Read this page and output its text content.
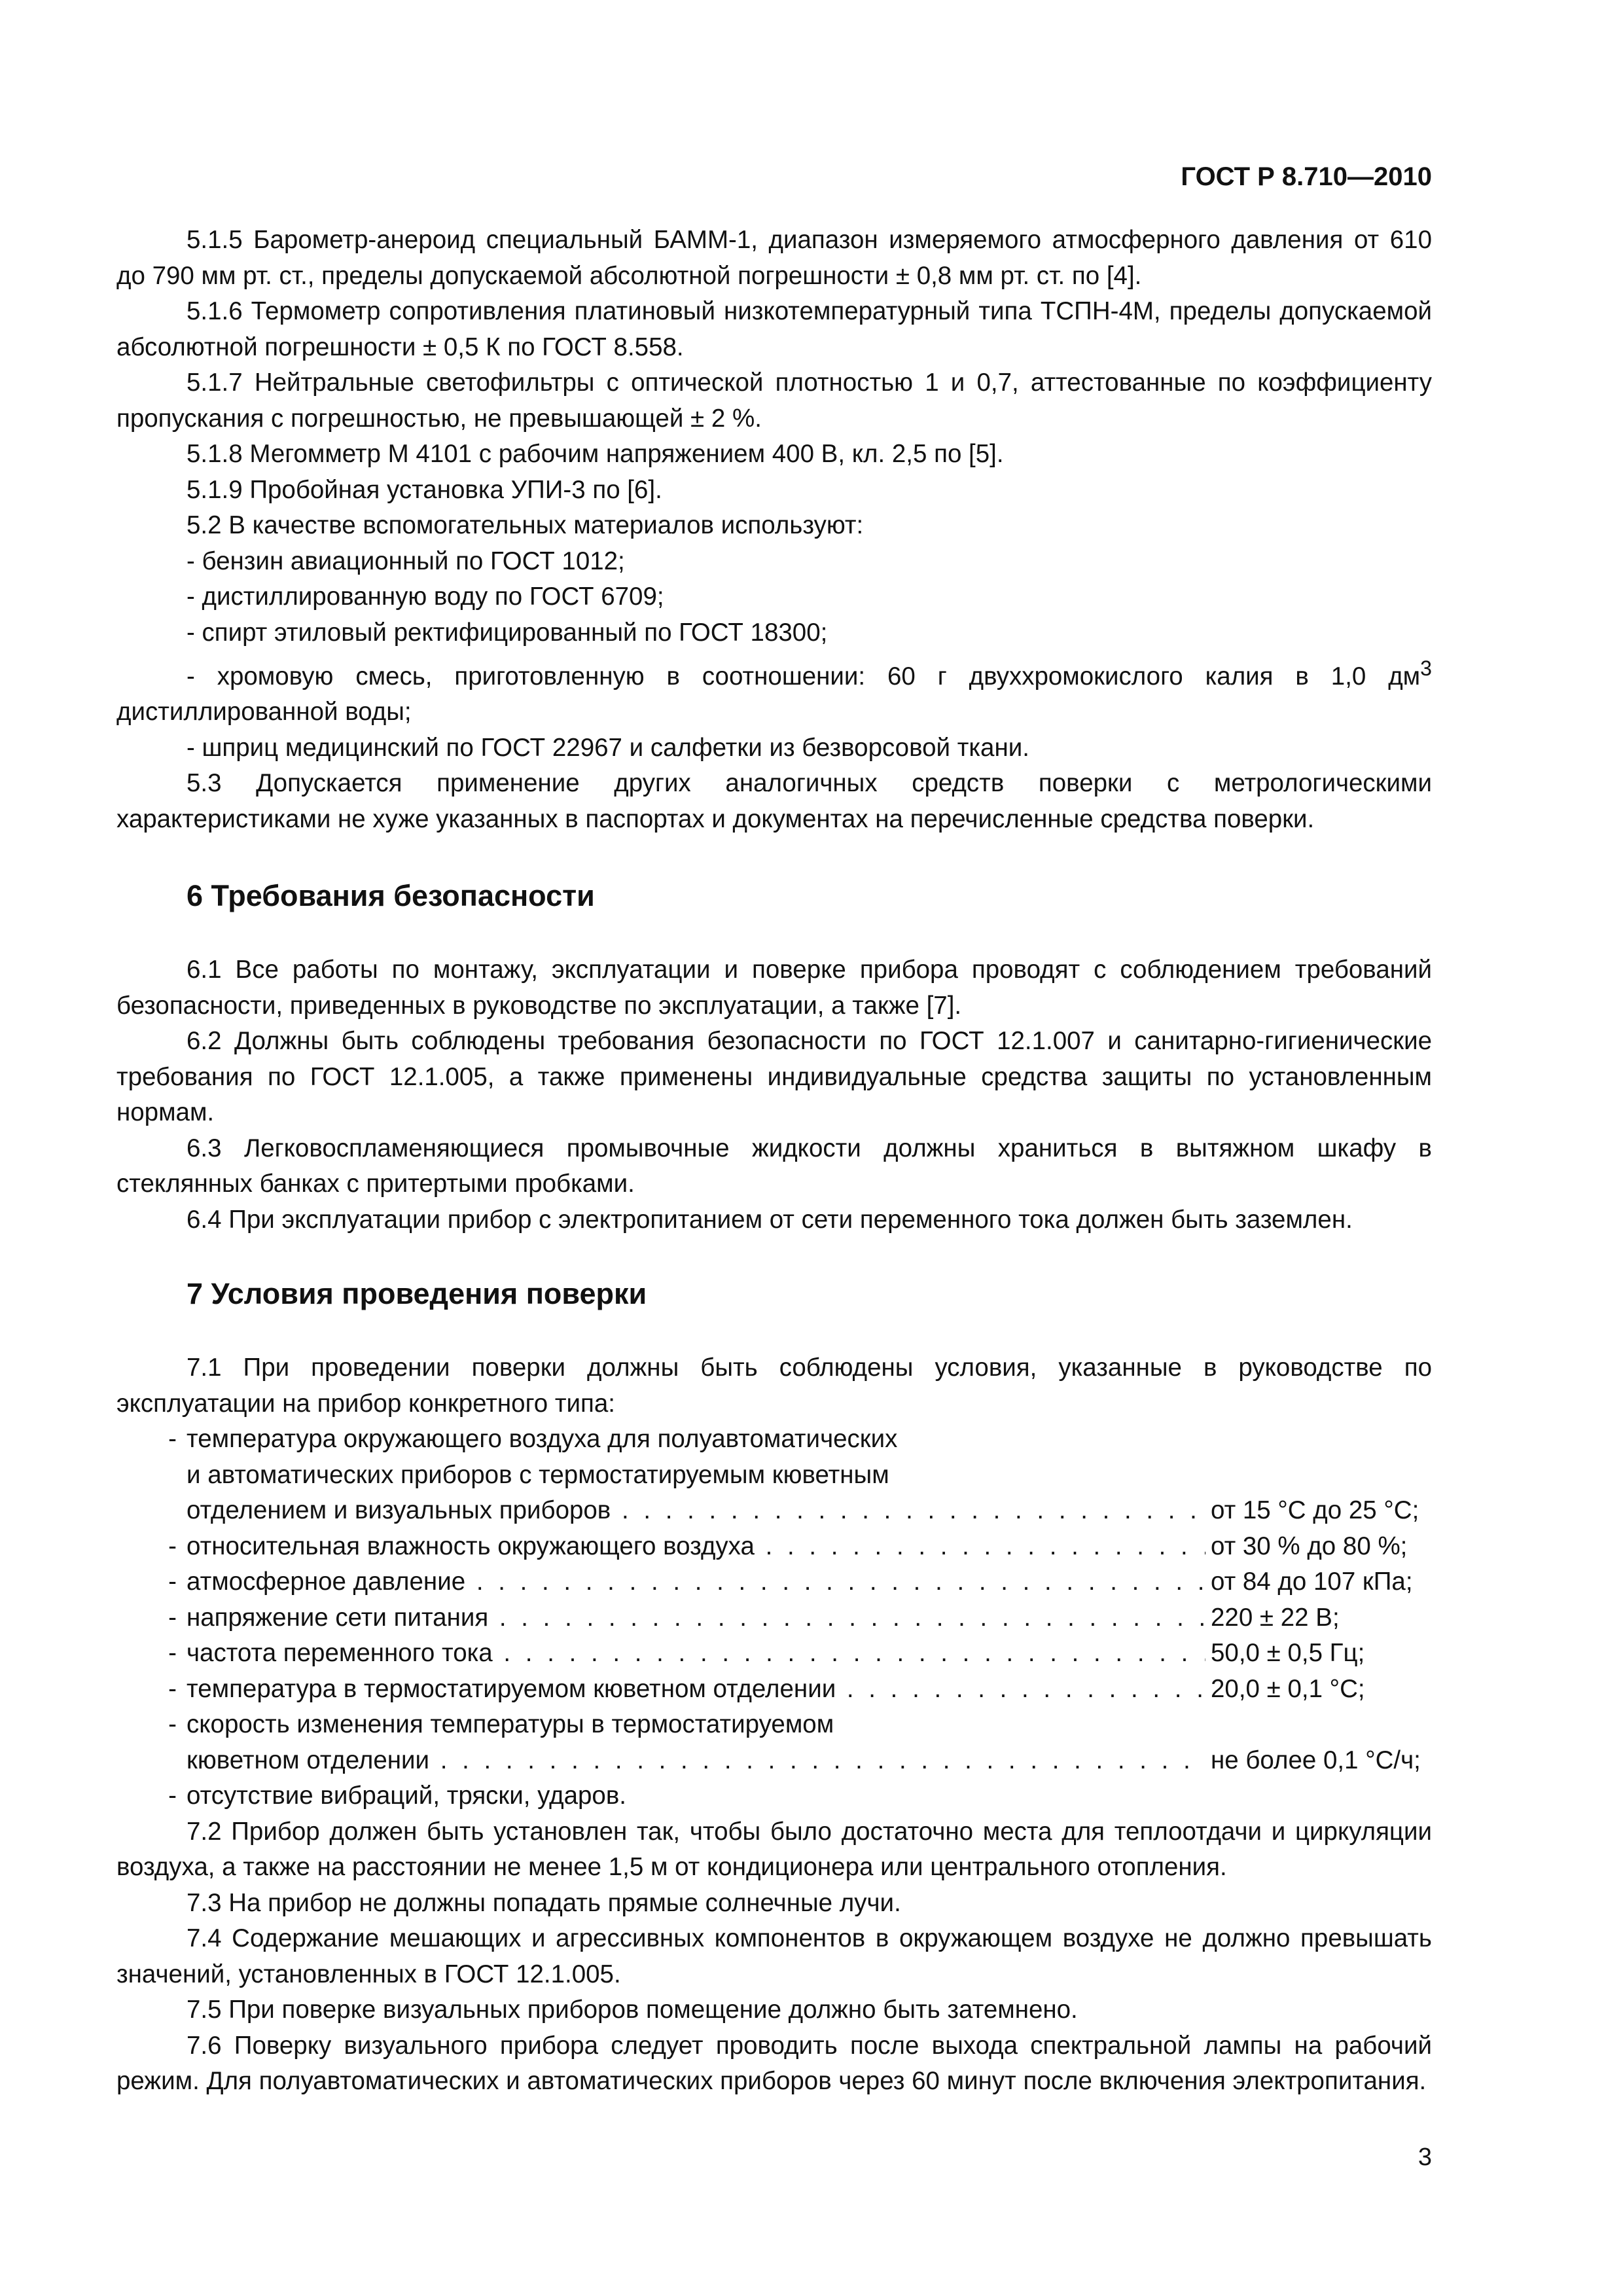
ГОСТ Р 8.710—2010

5.1.5 Барометр-анероид специальный БАММ-1, диапазон измеряемого атмосферного давления от 610 до 790 мм рт. ст., пределы допускаемой абсолютной погрешности ± 0,8 мм рт. ст. по [4].

5.1.6 Термометр сопротивления платиновый низкотемпературный типа ТСПН-4М, пределы допускаемой абсолютной погрешности ± 0,5 К по ГОСТ 8.558.

5.1.7 Нейтральные светофильтры с оптической плотностью 1 и 0,7, аттестованные по коэффициенту пропускания с погрешностью, не превышающей ± 2 %.

5.1.8 Мегомметр М 4101 с рабочим напряжением 400 В, кл. 2,5 по [5].

5.1.9 Пробойная установка УПИ-3 по [6].

5.2 В качестве вспомогательных материалов используют:

- бензин авиационный по ГОСТ 1012;

- дистиллированную воду по ГОСТ 6709;

- спирт этиловый ректифицированный по ГОСТ 18300;

- хромовую смесь, приготовленную в соотношении: 60 г двуххромокислого калия в 1,0 $дм^3$ дистиллированной воды;

- шприц медицинский по ГОСТ 22967 и салфетки из безворсовой ткани.

5.3 Допускается применение других аналогичных средств поверки с метрологическими характеристиками не хуже указанных в паспортах и документах на перечисленные средства поверки.

6 Требования безопасности

6.1 Все работы по монтажу, эксплуатации и поверке прибора проводят с соблюдением требований безопасности, приведенных в руководстве по эксплуатации, а также [7].

6.2 Должны быть соблюдены требования безопасности по ГОСТ 12.1.007 и санитарно-гигиенические требования по ГОСТ 12.1.005, а также применены индивидуальные средства защиты по установленным нормам.

6.3 Легковоспламеняющиеся промывочные жидкости должны храниться в вытяжном шкафу в стеклянных банках с притертыми пробками.

6.4 При эксплуатации прибор с электропитанием от сети переменного тока должен быть заземлен.

7 Условия проведения поверки

7.1 При проведении поверки должны быть соблюдены условия, указанные в руководстве по эксплуатации на прибор конкретного типа:

- температура окружающего воздуха для полуавтоматических
и автоматических приборов с термостатируемым кюветным
отделением и визуальных приборов . . .	от 15 °С до 25 °С;
- относительная влажность окружающего воздуха . . .	от 30 % до 80 %;
- атмосферное давление . . .	от 84 до 107 кПа;
- напряжение сети питания . . .	220 ± 22 В;
- частота переменного тока . . .	50,0 ± 0,5 Гц;
- температура в термостатируемом кюветном отделении . . .	20,0 ± 0,1 °С;
- скорость изменения температуры в термостатируемом
кюветном отделении . . .	не более 0,1 °С/ч;
- отсутствие вибраций, тряски, ударов.

7.2 Прибор должен быть установлен так, чтобы было достаточно места для теплоотдачи и циркуляции воздуха, а также на расстоянии не менее 1,5 м от кондиционера или центрального отопления.

7.3 На прибор не должны попадать прямые солнечные лучи.

7.4 Содержание мешающих и агрессивных компонентов в окружающем воздухе не должно превышать значений, установленных в ГОСТ 12.1.005.

7.5 При поверке визуальных приборов помещение должно быть затемнено.

7.6 Поверку визуального прибора следует проводить после выхода спектральной лампы на рабочий режим. Для полуавтоматических и автоматических приборов через 60 минут после включения электропитания.

3
